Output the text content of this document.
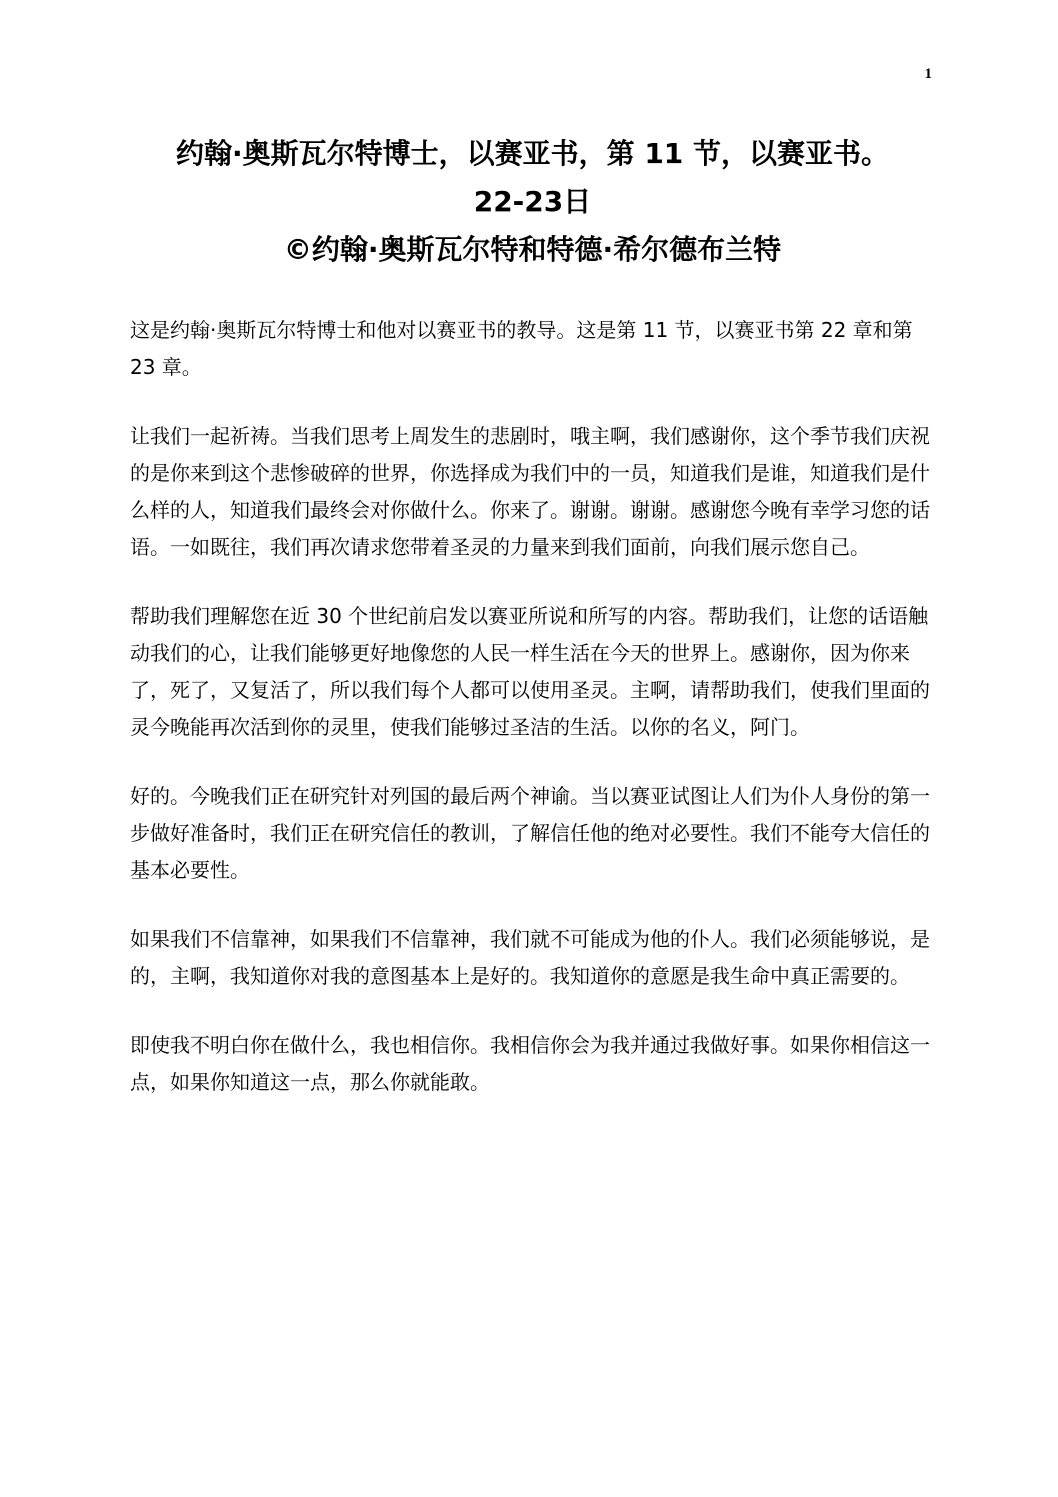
1
约翰·奥斯瓦尔特博士，以赛亚书，第 11 节，以赛亚书。
22-23日
©约翰·奥斯瓦尔特和特德·希尔德布兰特

这是约翰·奥斯瓦尔特博士和他对以赛亚书的教导。这是第 11 节，以赛亚书第 22 章和第 23 章。

让我们一起祈祷。当我们思考上周发生的悲剧时，哦主啊，我们感谢你，这个季节我们庆祝的是你来到这个悲惨破碎的世界，你选择成为我们中的一员，知道我们是谁，知道我们是什么样的人，知道我们最终会对你做什么。你来了。谢谢。谢谢。感谢您今晚有幸学习您的话语。一如既往，我们再次请求您带着圣灵的力量来到我们面前，向我们展示您自己。

帮助我们理解您在近 30 个世纪前启发以赛亚所说和所写的内容。帮助我们，让您的话语触动我们的心，让我们能够更好地像您的人民一样生活在今天的世界上。感谢你，因为你来了，死了，又复活了，所以我们每个人都可以使用圣灵。主啊，请帮助我们，使我们里面的灵今晚能再次活到你的灵里，使我们能够过圣洁的生活。以你的名义，阿门。

好的。今晚我们正在研究针对列国的最后两个神谕。当以赛亚试图让人们为仆人身份的第一步做好准备时，我们正在研究信任的教训，了解信任他的绝对必要性。我们不能夸大信任的基本必要性。

如果我们不信靠神，如果我们不信靠神，我们就不可能成为他的仆人。我们必须能够说，是的，主啊，我知道你对我的意图基本上是好的。我知道你的意愿是我生命中真正需要的。

即使我不明白你在做什么，我也相信你。我相信你会为我并通过我做好事。如果你相信这一点，如果你知道这一点，那么你就能敢。
